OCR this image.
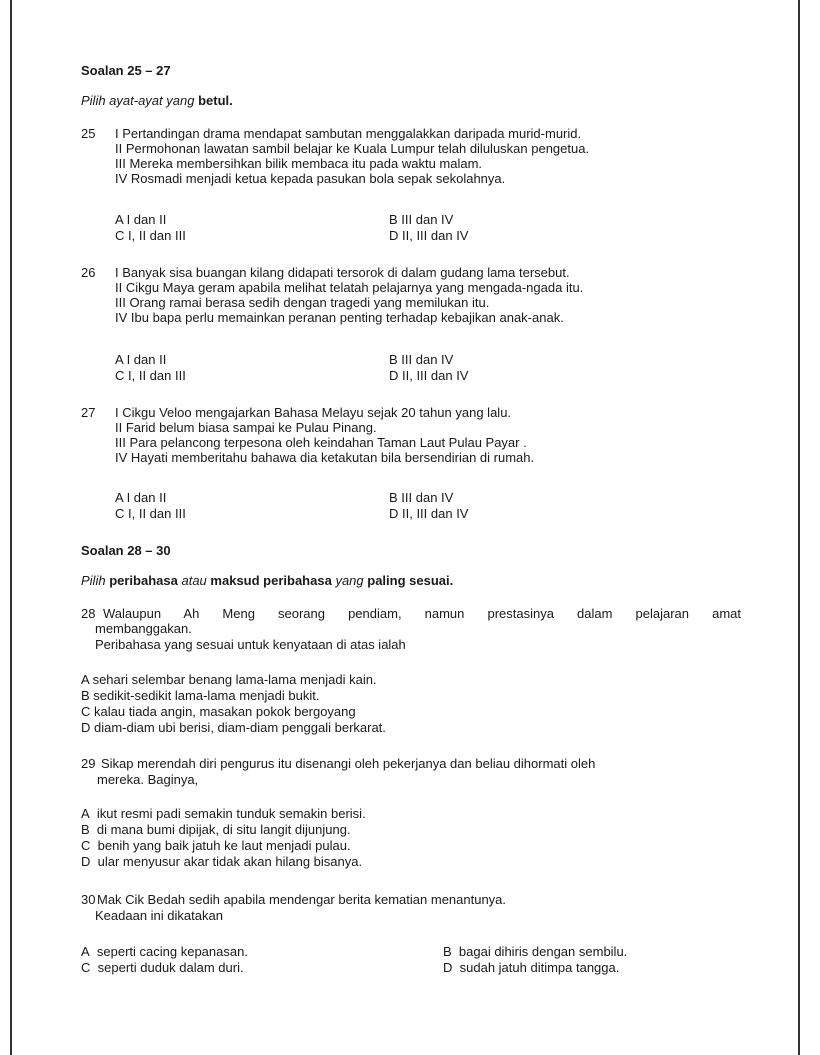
Soalan 25 – 27
Pilih ayat-ayat yang betul.
25 I Pertandingan drama mendapat sambutan menggalakkan daripada murid-murid.
II Permohonan lawatan sambil belajar ke Kuala Lumpur telah diluluskan pengetua.
III Mereka membersihkan bilik membaca itu pada waktu malam.
IV Rosmadi menjadi ketua kepada pasukan bola sepak sekolahnya.
A I dan II	B III dan IV
C I, II dan III	D II, III dan IV
26 I Banyak sisa buangan kilang didapati tersorok di dalam gudang lama tersebut.
II Cikgu Maya geram apabila melihat telatah pelajarnya yang mengada-ngada itu.
III Orang ramai berasa sedih dengan tragedi yang memilukan itu.
IV Ibu bapa perlu memainkan peranan penting terhadap kebajikan anak-anak.
A I dan II	B III dan IV
C I, II dan III	D II, III dan IV
27 I Cikgu Veloo mengajarkan Bahasa Melayu sejak 20 tahun yang lalu.
II Farid belum biasa sampai ke Pulau Pinang.
III Para pelancong terpesona oleh keindahan Taman Laut Pulau Payar .
IV Hayati memberitahu bahawa dia ketakutan bila bersendirian di rumah.
A I dan II	B III dan IV
C I, II dan III	D II, III dan IV
Soalan 28 – 30
Pilih peribahasa atau maksud peribahasa yang paling sesuai.
28 Walaupun Ah Meng seorang pendiam, namun prestasinya dalam pelajaran amat
membanggakan.
Peribahasa yang sesuai untuk kenyataan di atas ialah
A sehari selembar benang lama-lama menjadi kain.
B sedikit-sedikit lama-lama menjadi bukit.
C kalau tiada angin, masakan pokok bergoyang
D diam-diam ubi berisi, diam-diam penggali berkarat.
29 Sikap merendah diri pengurus itu disenangi oleh pekerjanya dan beliau dihormati oleh
mereka. Baginya,
A ikut resmi padi semakin tunduk semakin berisi.
B di mana bumi dipijak, di situ langit dijunjung.
C benih yang baik jatuh ke laut menjadi pulau.
D ular menyusur akar tidak akan hilang bisanya.
30 Mak Cik Bedah sedih apabila mendengar berita kematian menantunya.
Keadaan ini dikatakan
A seperti cacing kepanasan.	B bagai dihiris dengan sembilu.
C seperti duduk dalam duri.	D sudah jatuh ditimpa tangga.
